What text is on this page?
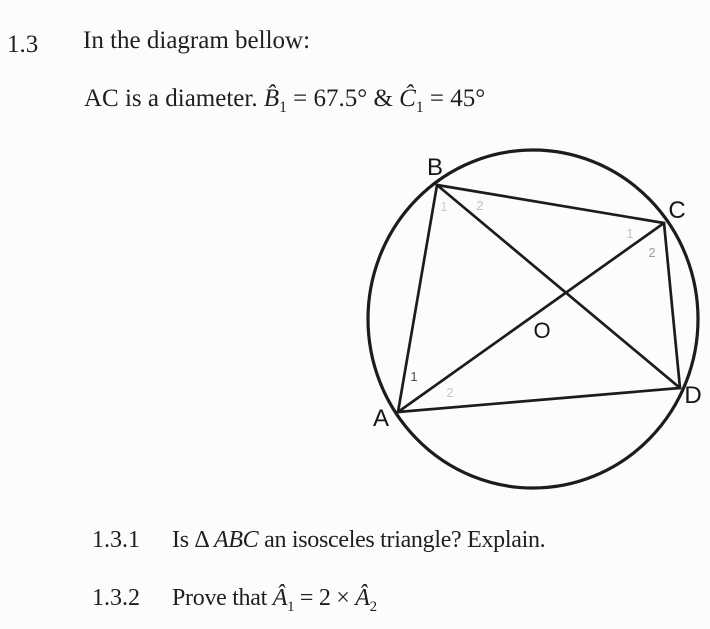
1.3 In the diagram bellow:
AC is a diameter. $B̂_1 = 67.5^\circ$ & $Ĉ_1 = 45^\circ$
B
C
A
D
O
1 2
1
2
1
2
1.3.1 Is Δ ABC an isosceles triangle? Explain.
1.3.2 Prove that $Â_1 = 2$ × $Â_2$
